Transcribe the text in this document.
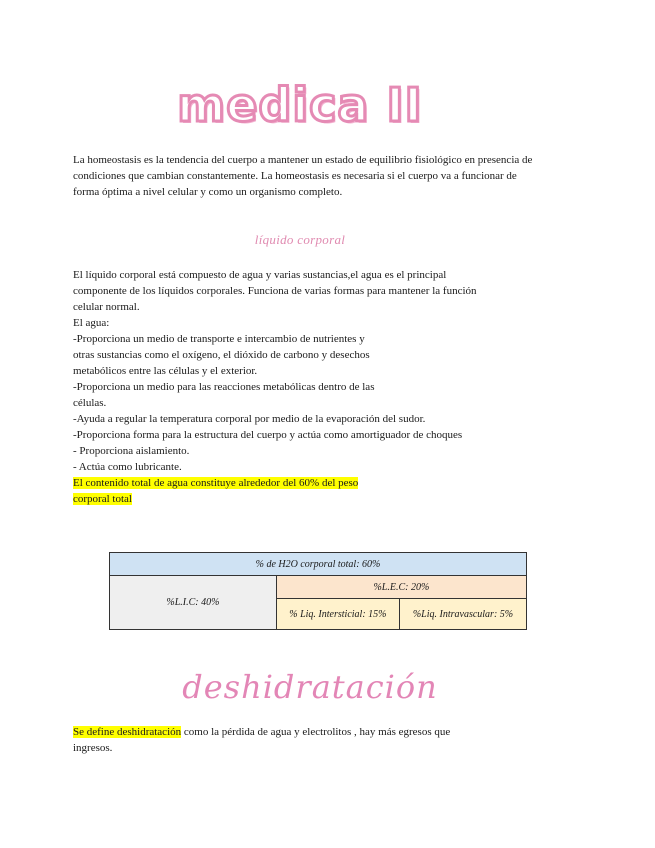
medica II

La homeostasis es la tendencia del cuerpo a mantener un estado de equilibrio fisiológico en presencia de condiciones que cambian constantemente. La homeostasis es necesaria si el cuerpo va a funcionar de forma óptima a nivel celular y como un organismo completo.

líquido corporal
El líquido corporal está compuesto de agua y varias sustancias,el agua es el principal
componente de los líquidos corporales. Funciona de varias formas para mantener la función
celular normal.
El agua:
-Proporciona un medio de transporte e intercambio de nutrientes y
otras sustancias como el oxígeno, el dióxido de carbono y desechos
metabólicos entre las células y el exterior.
-Proporciona un medio para las reacciones metabólicas dentro de las
células.
-Ayuda a regular la temperatura corporal por medio de la evaporación del sudor.
-Proporciona forma para la estructura del cuerpo y actúa como amortiguador de choques
- Proporciona aislamiento.
- Actúa como lubricante.
El contenido total de agua constituye alrededor del 60% del peso
corporal total
% de H2O corporal total: 60%		
%L.I.C: 40%	%L.E.C: 20%	
	% Liq. Intersticial: 15%	%Liq. Intravascular: 5%
deshidratación
Se define deshidratación como la pérdida de agua y electrolitos , hay más egresos que
ingresos.
